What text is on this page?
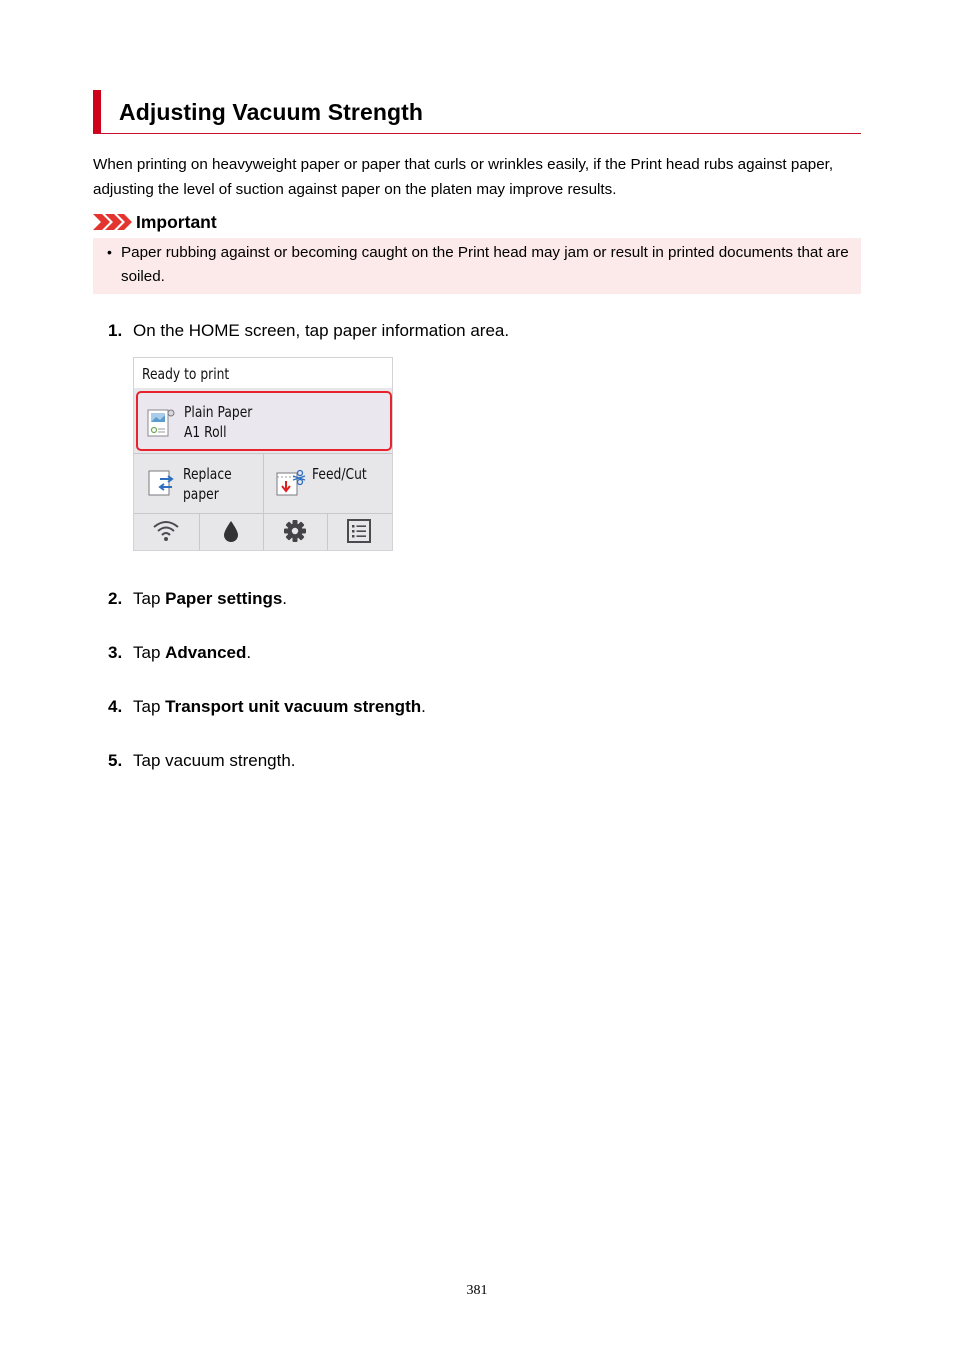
Adjusting Vacuum Strength
When printing on heavyweight paper or paper that curls or wrinkles easily, if the Print head rubs against paper, adjusting the level of suction against paper on the platen may improve results.
Important
• Paper rubbing against or becoming caught on the Print head may jam or result in printed documents that are soiled.
1. On the HOME screen, tap paper information area.
Ready to print
Plain Paper
A1 Roll
Replace
paper
Feed/Cut
2. Tap Paper settings.
3. Tap Advanced.
4. Tap Transport unit vacuum strength.
5. Tap vacuum strength.
381
